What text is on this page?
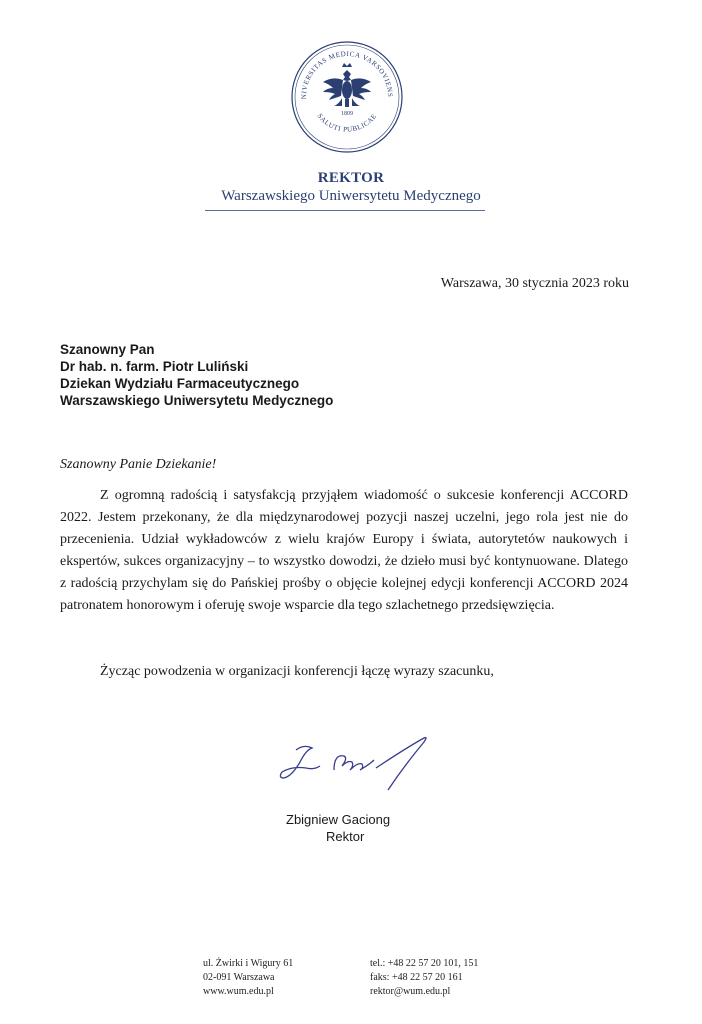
NIVERSITAS MEDICA VARSOVIENS
SALUTI PUBLICAE
1809
REKTOR
Warszawskiego Uniwersytetu Medycznego
Warszawa, 30 stycznia 2023 roku
Szanowny Pan
Dr hab. n. farm. Piotr Luliński
Dziekan Wydziału Farmaceutycznego
Warszawskiego Uniwersytetu Medycznego
Szanowny Panie Dziekanie!

Z ogromną radością i satysfakcją przyjąłem wiadomość o sukcesie konferencji ACCORD 2022. Jestem przekonany, że dla międzynarodowej pozycji naszej uczelni, jego rola jest nie do przecenienia. Udział wykładowców z wielu krajów Europy i świata, autorytetów naukowych i ekspertów, sukces organizacyjny – to wszystko dowodzi, że dzieło musi być kontynuowane. Dlatego z radością przychylam się do Pańskiej prośby o objęcie kolejnej edycji konferencji ACCORD 2024 patronatem honorowym i oferuję swoje wsparcie dla tego szlachetnego przedsięwzięcia.

Życząc powodzenia w organizacji konferencji łączę wyrazy szacunku,
Zbigniew Gaciong
Rektor
ul. Żwirki i Wigury 61
02-091 Warszawa
www.wum.edu.pl
tel.: +48 22 57 20 101, 151
faks: +48 22 57 20 161
rektor@wum.edu.pl
